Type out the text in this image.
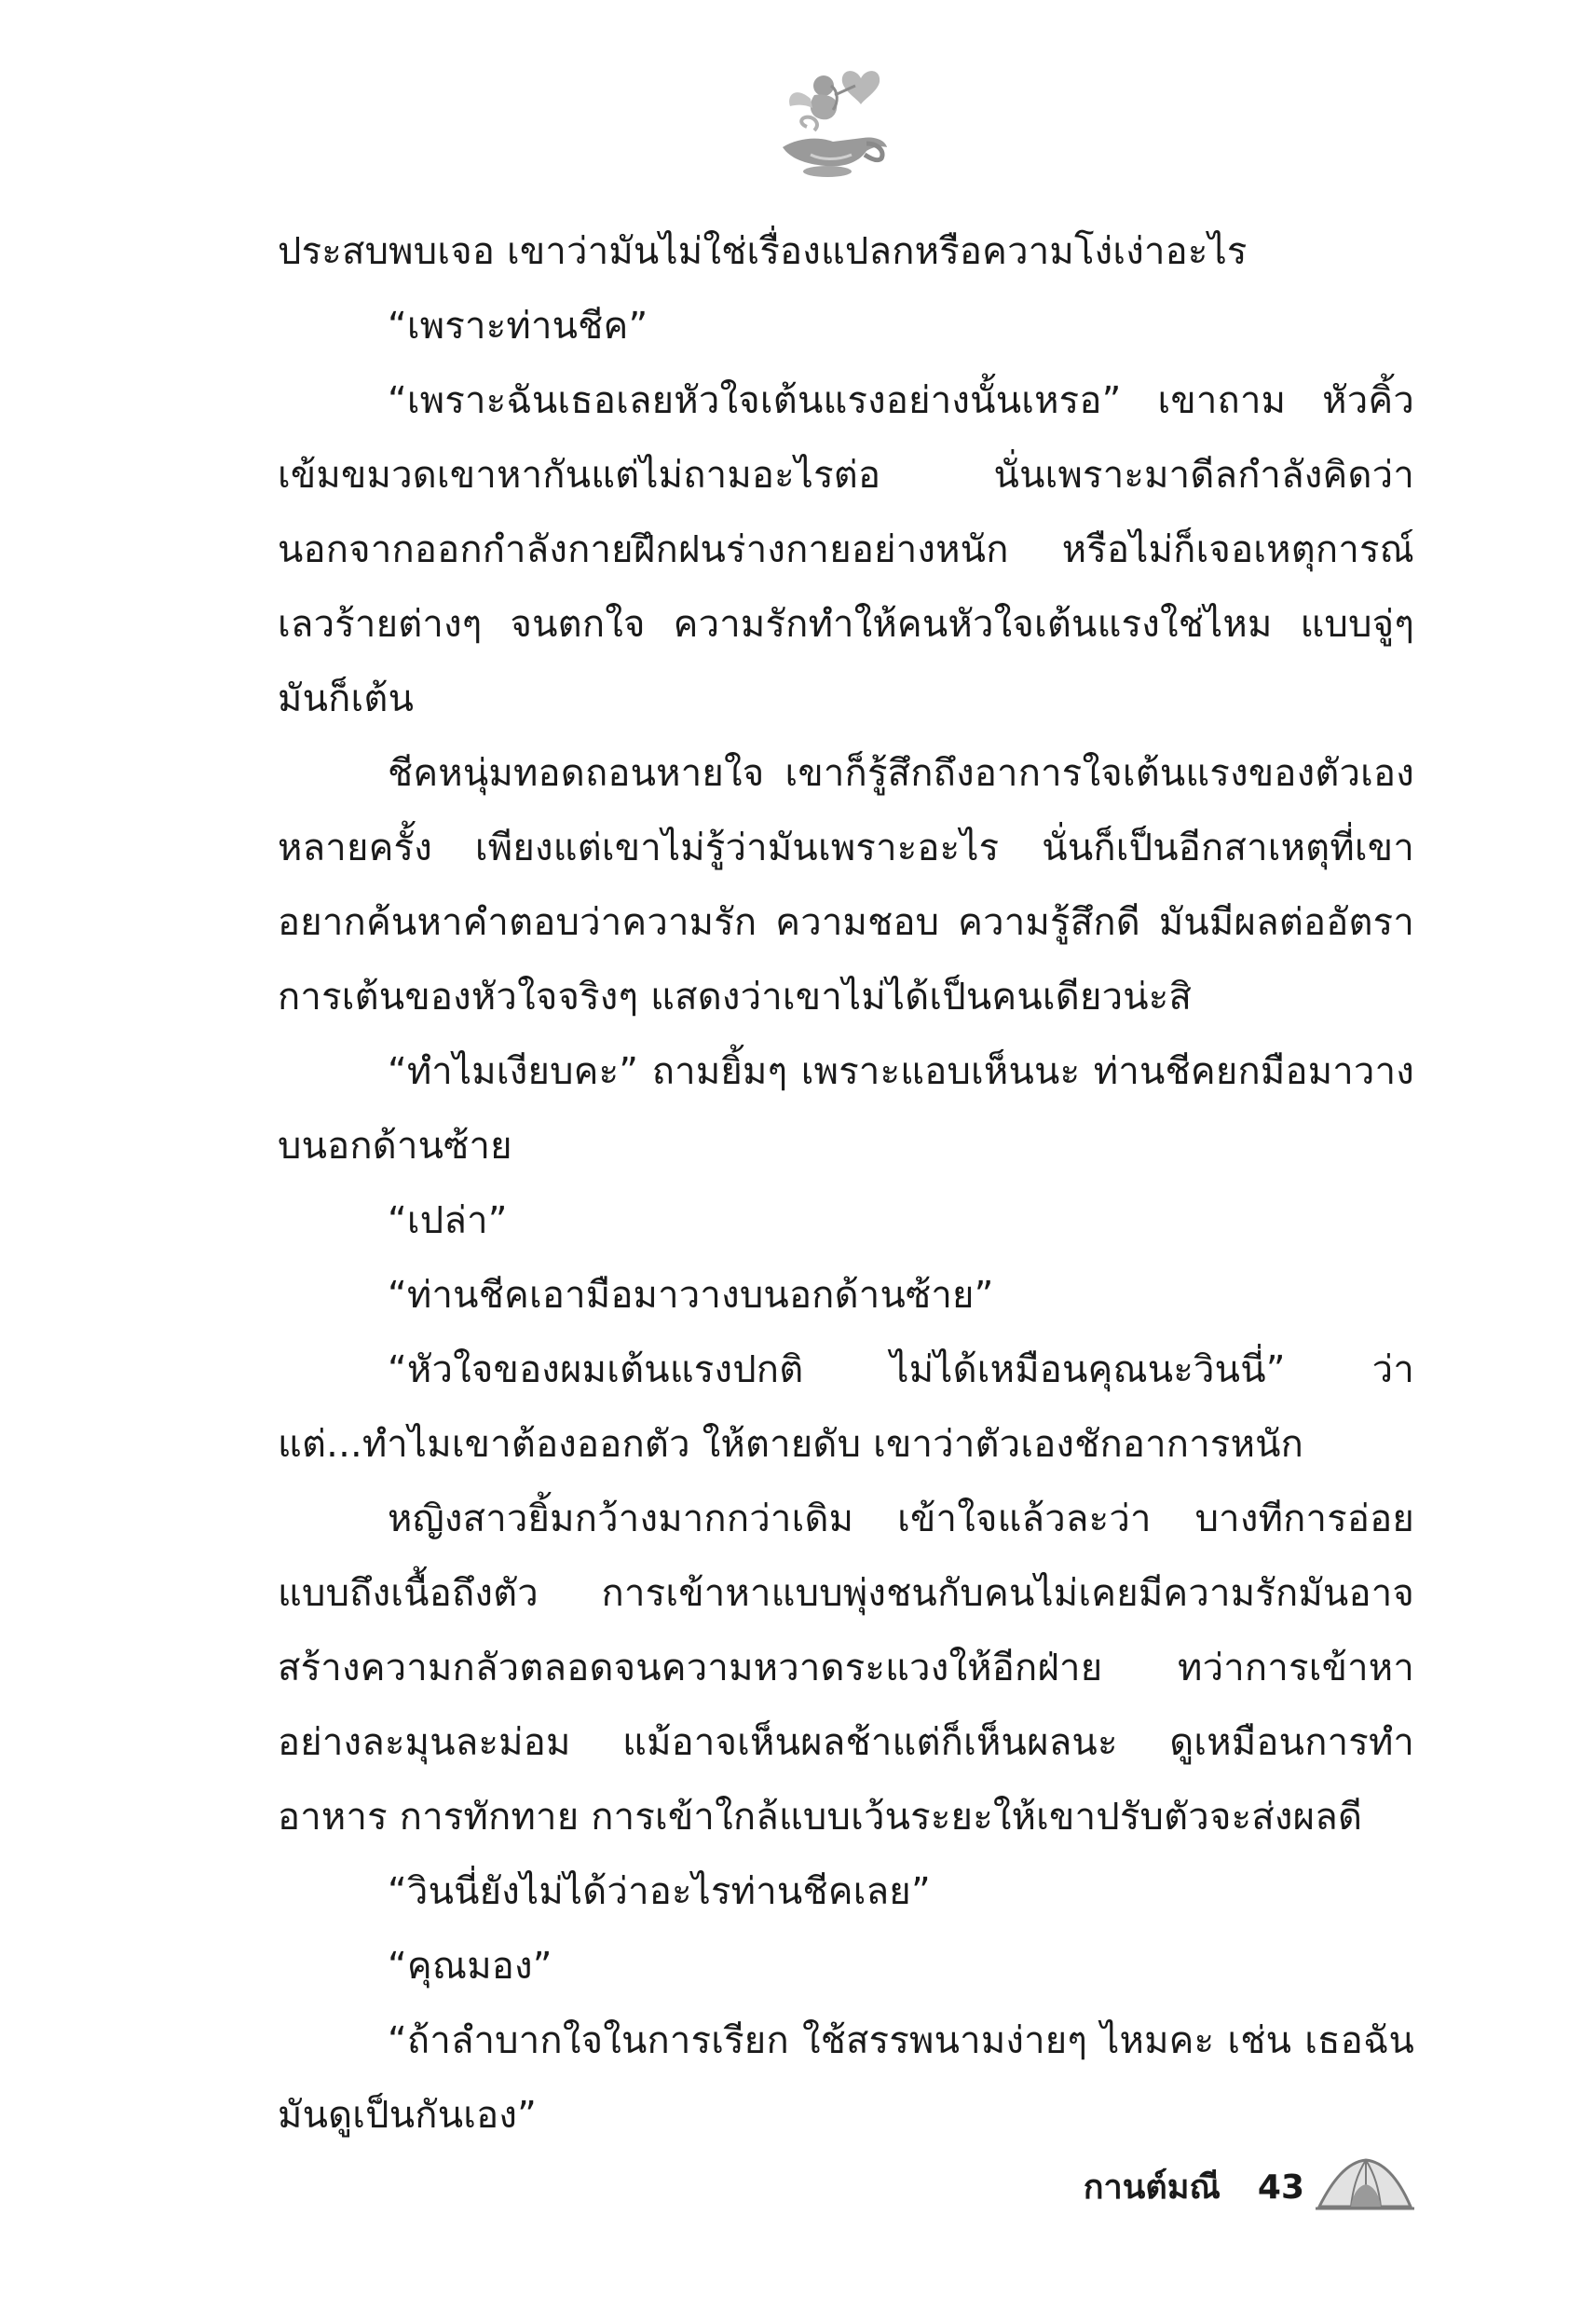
ประสบพบเจอ เขาว่ามันไม่ใช่เรื่องแปลกหรือความโง่เง่าอะไร

“เพราะท่านชีค”

“เพราะฉันเธอเลยหัวใจเต้นแรงอย่างนั้นเหรอ” เขาถาม หัวคิ้วเข้มขมวดเขาหากันแต่ไม่ถามอะไรต่อ นั่นเพราะมาดีลกำลังคิดว่า นอกจากออกกำลังกายฝึกฝนร่างกายอย่างหนัก หรือไม่ก็เจอเหตุการณ์เลวร้ายต่างๆ จนตกใจ ความรักทำให้คนหัวใจเต้นแรงใช่ไหม แบบจู่ๆ มันก็เต้น

ชีคหนุ่มทอดถอนหายใจ เขาก็รู้สึกถึงอาการใจเต้นแรงของตัวเองหลายครั้ง เพียงแต่เขาไม่รู้ว่ามันเพราะอะไร นั่นก็เป็นอีกสาเหตุที่เขาอยากค้นหาคำตอบว่าความรัก ความชอบ ความรู้สึกดี มันมีผลต่ออัตราการเต้นของหัวใจจริงๆ แสดงว่าเขาไม่ได้เป็นคนเดียวน่ะสิ

“ทำไมเงียบคะ” ถามยิ้มๆ เพราะแอบเห็นนะ ท่านชีคยกมือมาวางบนอกด้านซ้าย

“เปล่า”

“ท่านชีคเอามือมาวางบนอกด้านซ้าย”

“หัวใจของผมเต้นแรงปกติ ไม่ได้เหมือนคุณนะวินนี่” ว่าแต่...ทำไมเขาต้องออกตัว ให้ตายดับ เขาว่าตัวเองชักอาการหนัก

หญิงสาวยิ้มกว้างมากกว่าเดิม เข้าใจแล้วละว่า บางทีการอ่อยแบบถึงเนื้อถึงตัว การเข้าหาแบบพุ่งชนกับคนไม่เคยมีความรักมันอาจสร้างความกลัวตลอดจนความหวาดระแวงให้อีกฝ่าย ทว่าการเข้าหาอย่างละมุนละม่อม แม้อาจเห็นผลช้าแต่ก็เห็นผลนะ ดูเหมือนการทำอาหาร การทักทาย การเข้าใกล้แบบเว้นระยะให้เขาปรับตัวจะส่งผลดี

“วินนี่ยังไม่ได้ว่าอะไรท่านชีคเลย”

“คุณมอง”

“ถ้าลำบากใจในการเรียก ใช้สรรพนามง่ายๆ ไหมคะ เช่น เธอฉันมันดูเป็นกันเอง”

กานต์มณี 43
